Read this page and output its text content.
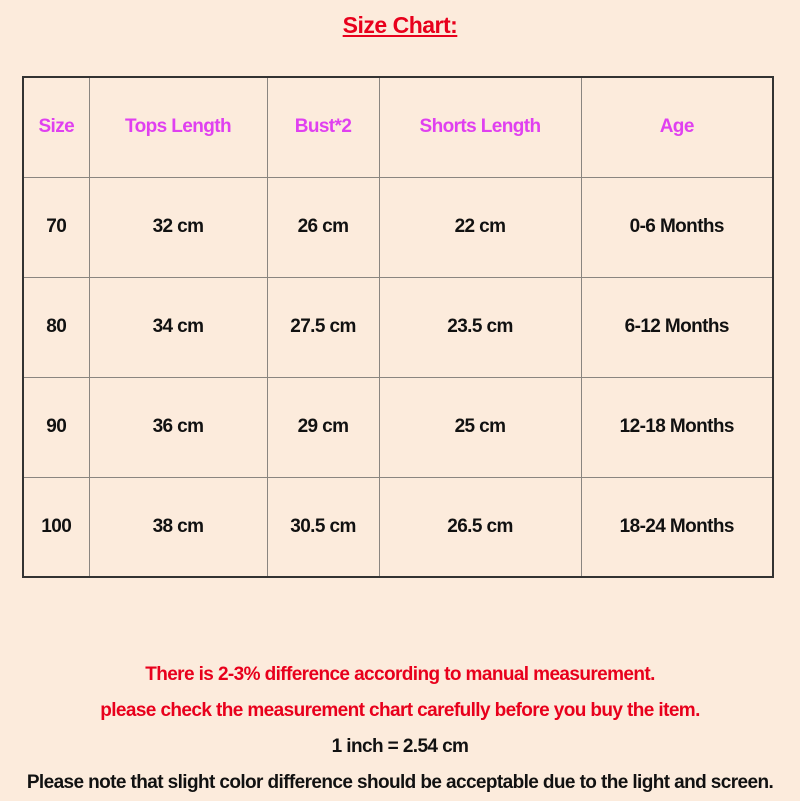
Size Chart:
Size	Tops Length	Bust*2	Shorts Length	Age
70	32 cm	26 cm	22 cm	0-6 Months
80	34 cm	27.5 cm	23.5 cm	6-12 Months
90	36 cm	29 cm	25 cm	12-18 Months
100	38 cm	30.5 cm	26.5 cm	18-24 Months
There is 2-3% difference according to manual measurement.
please check the measurement chart carefully before you buy the item.
1 inch = 2.54 cm
Please note that slight color difference should be acceptable due to the light and screen.
